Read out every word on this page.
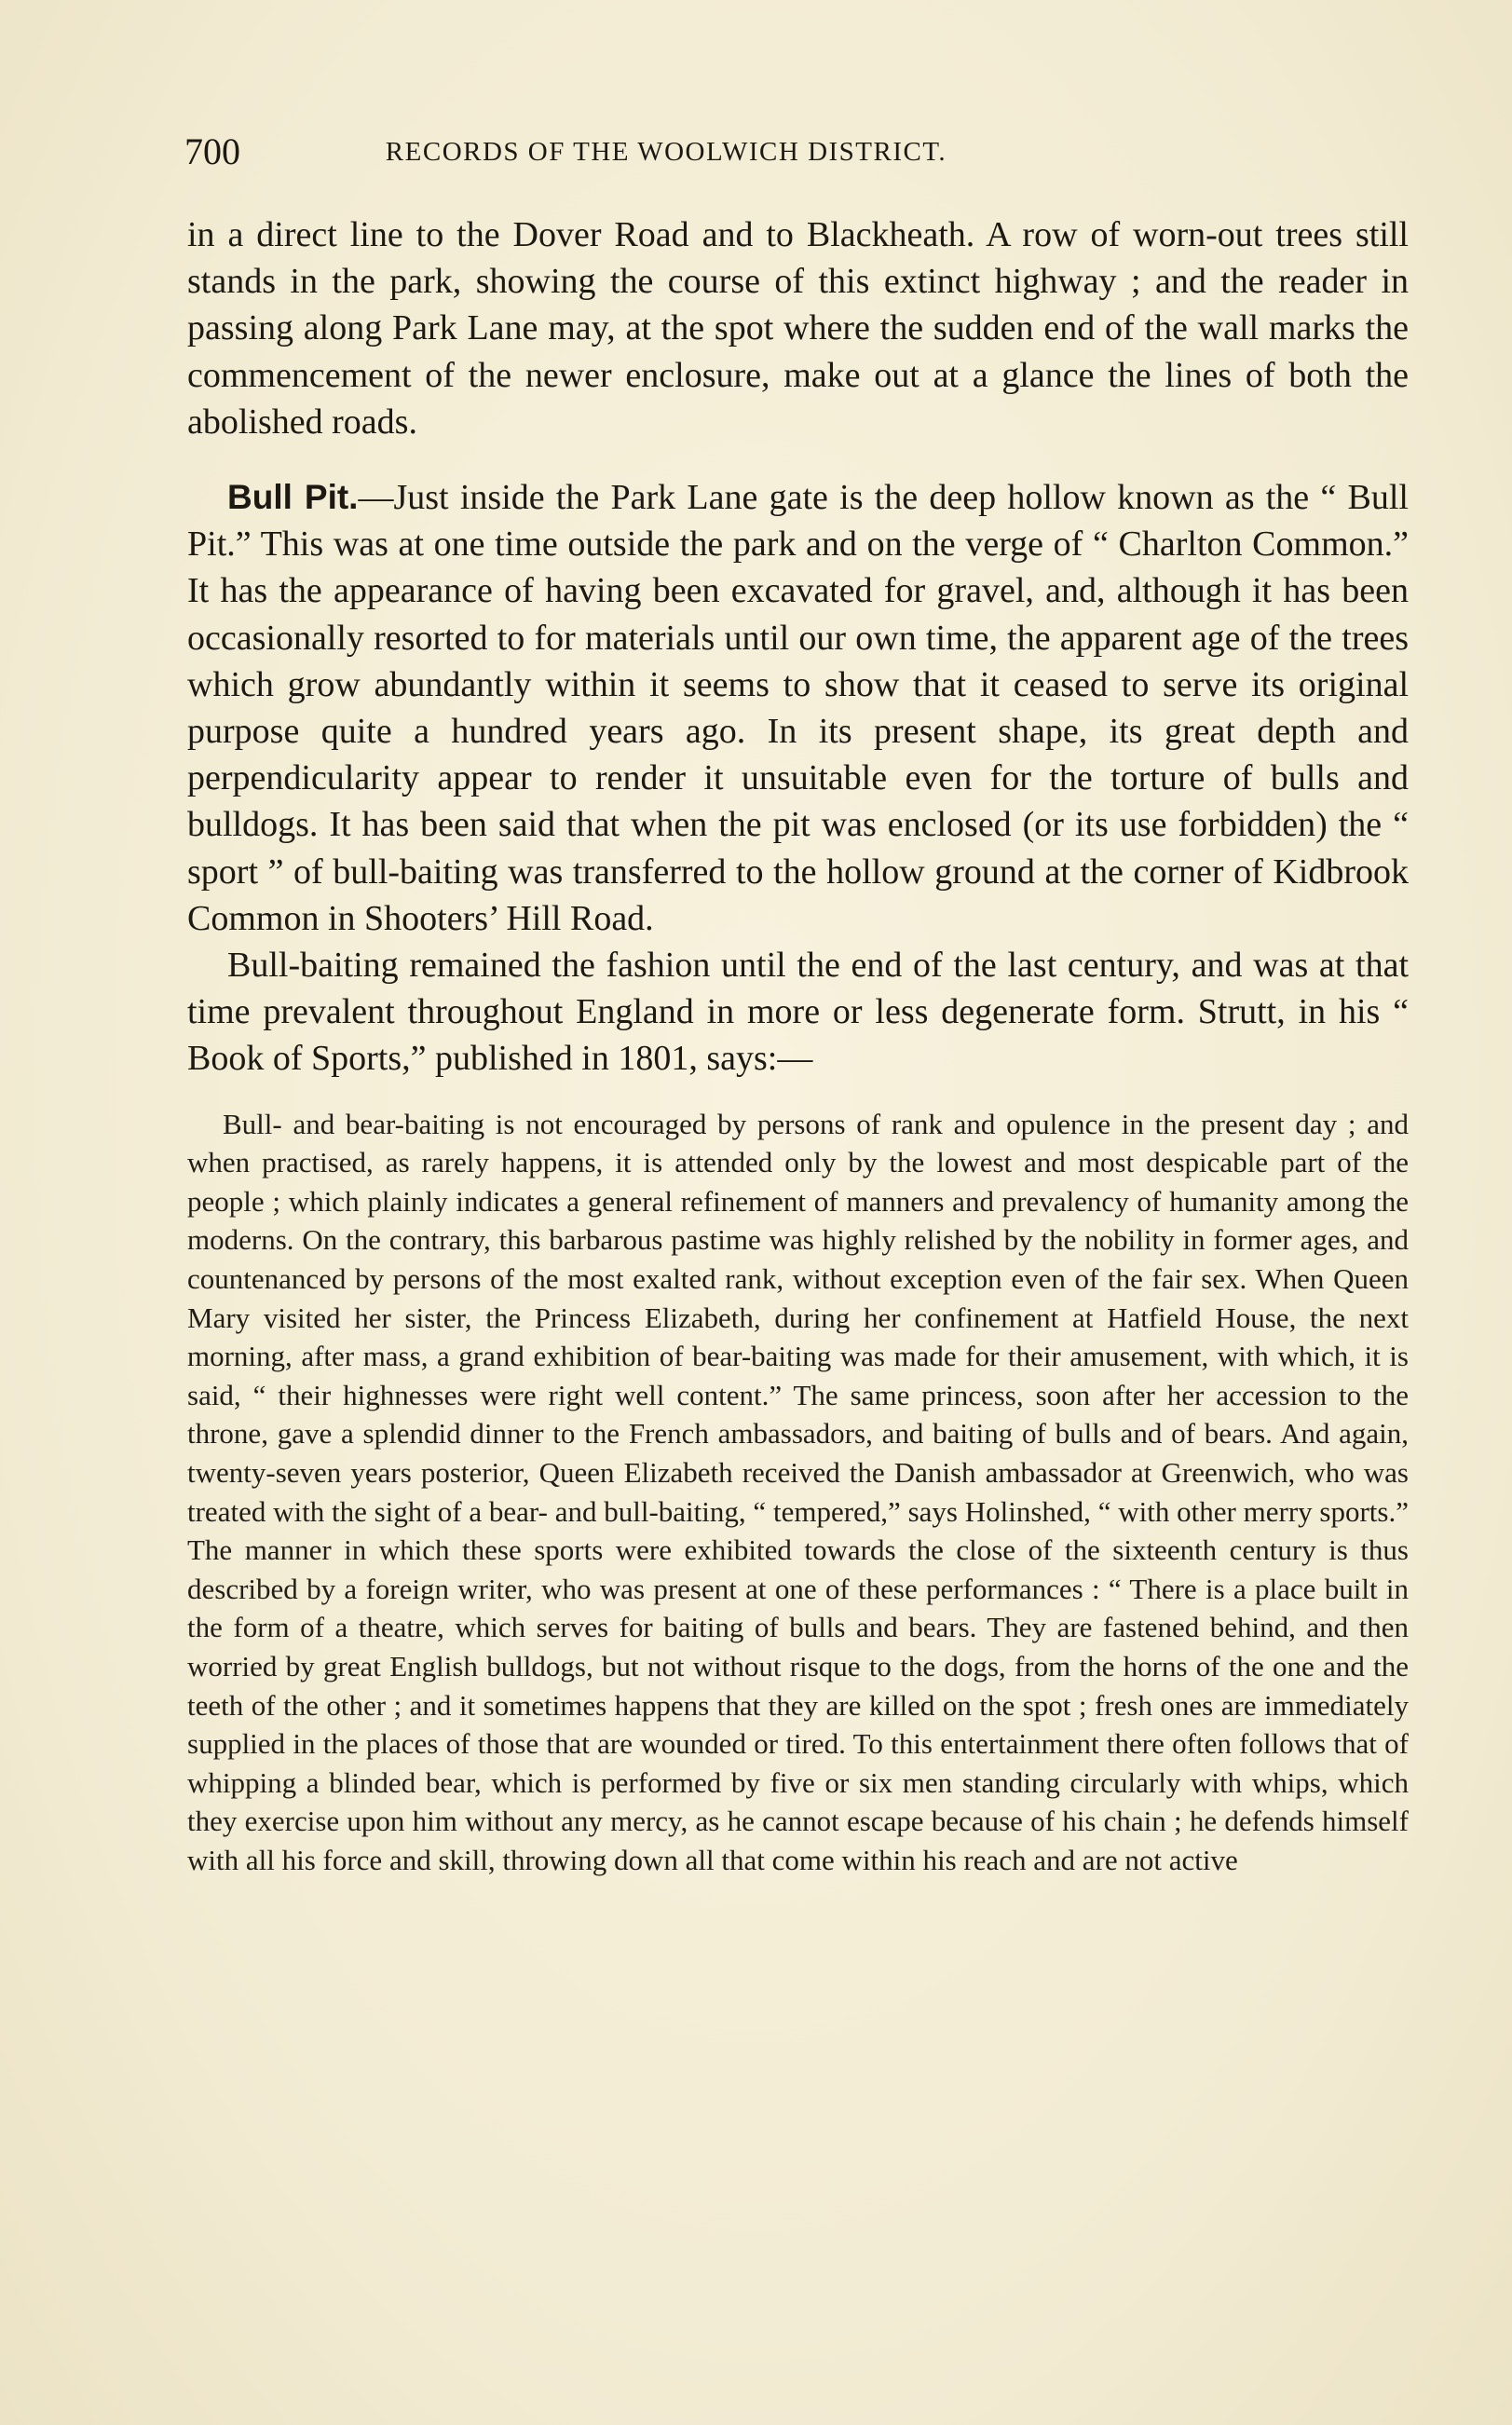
700	RECORDS OF THE WOOLWICH DISTRICT.

in a direct line to the Dover Road and to Blackheath. A row of worn-out trees still stands in the park, showing the course of this extinct highway ; and the reader in passing along Park Lane may, at the spot where the sudden end of the wall marks the commencement of the newer enclosure, make out at a glance the lines of both the abolished roads.

Bull Pit.—Just inside the Park Lane gate is the deep hollow known as the “ Bull Pit.” This was at one time outside the park and on the verge of “ Charlton Common.” It has the appearance of having been excavated for gravel, and, although it has been occasionally resorted to for materials until our own time, the apparent age of the trees which grow abundantly within it seems to show that it ceased to serve its original purpose quite a hundred years ago. In its present shape, its great depth and perpendicularity appear to render it unsuitable even for the torture of bulls and bulldogs. It has been said that when the pit was enclosed (or its use forbidden) the “ sport ” of bull-baiting was transferred to the hollow ground at the corner of Kidbrook Common in Shooters’ Hill Road.

Bull-baiting remained the fashion until the end of the last century, and was at that time prevalent throughout England in more or less degenerate form. Strutt, in his “ Book of Sports,” published in 1801, says:—

Bull- and bear-baiting is not encouraged by persons of rank and opulence in the present day ; and when practised, as rarely happens, it is attended only by the lowest and most despicable part of the people ; which plainly indicates a general refinement of manners and prevalency of humanity among the moderns. On the contrary, this barbarous pastime was highly relished by the nobility in former ages, and countenanced by persons of the most exalted rank, without exception even of the fair sex. When Queen Mary visited her sister, the Princess Elizabeth, during her confinement at Hatfield House, the next morning, after mass, a grand exhibition of bear-baiting was made for their amusement, with which, it is said, “ their highnesses were right well content.” The same princess, soon after her accession to the throne, gave a splendid dinner to the French ambassadors, and baiting of bulls and of bears. And again, twenty-seven years posterior, Queen Elizabeth received the Danish ambassador at Greenwich, who was treated with the sight of a bear- and bull-baiting, “ tempered,” says Holinshed, “ with other merry sports.” The manner in which these sports were exhibited towards the close of the sixteenth century is thus described by a foreign writer, who was present at one of these performances : “ There is a place built in the form of a theatre, which serves for baiting of bulls and bears. They are fastened behind, and then worried by great English bulldogs, but not without risque to the dogs, from the horns of the one and the teeth of the other ; and it sometimes happens that they are killed on the spot ; fresh ones are immediately supplied in the places of those that are wounded or tired. To this entertainment there often follows that of whipping a blinded bear, which is performed by five or six men standing circularly with whips, which they exercise upon him without any mercy, as he cannot escape because of his chain ; he defends himself with all his force and skill, throwing down all that come within his reach and are not active
